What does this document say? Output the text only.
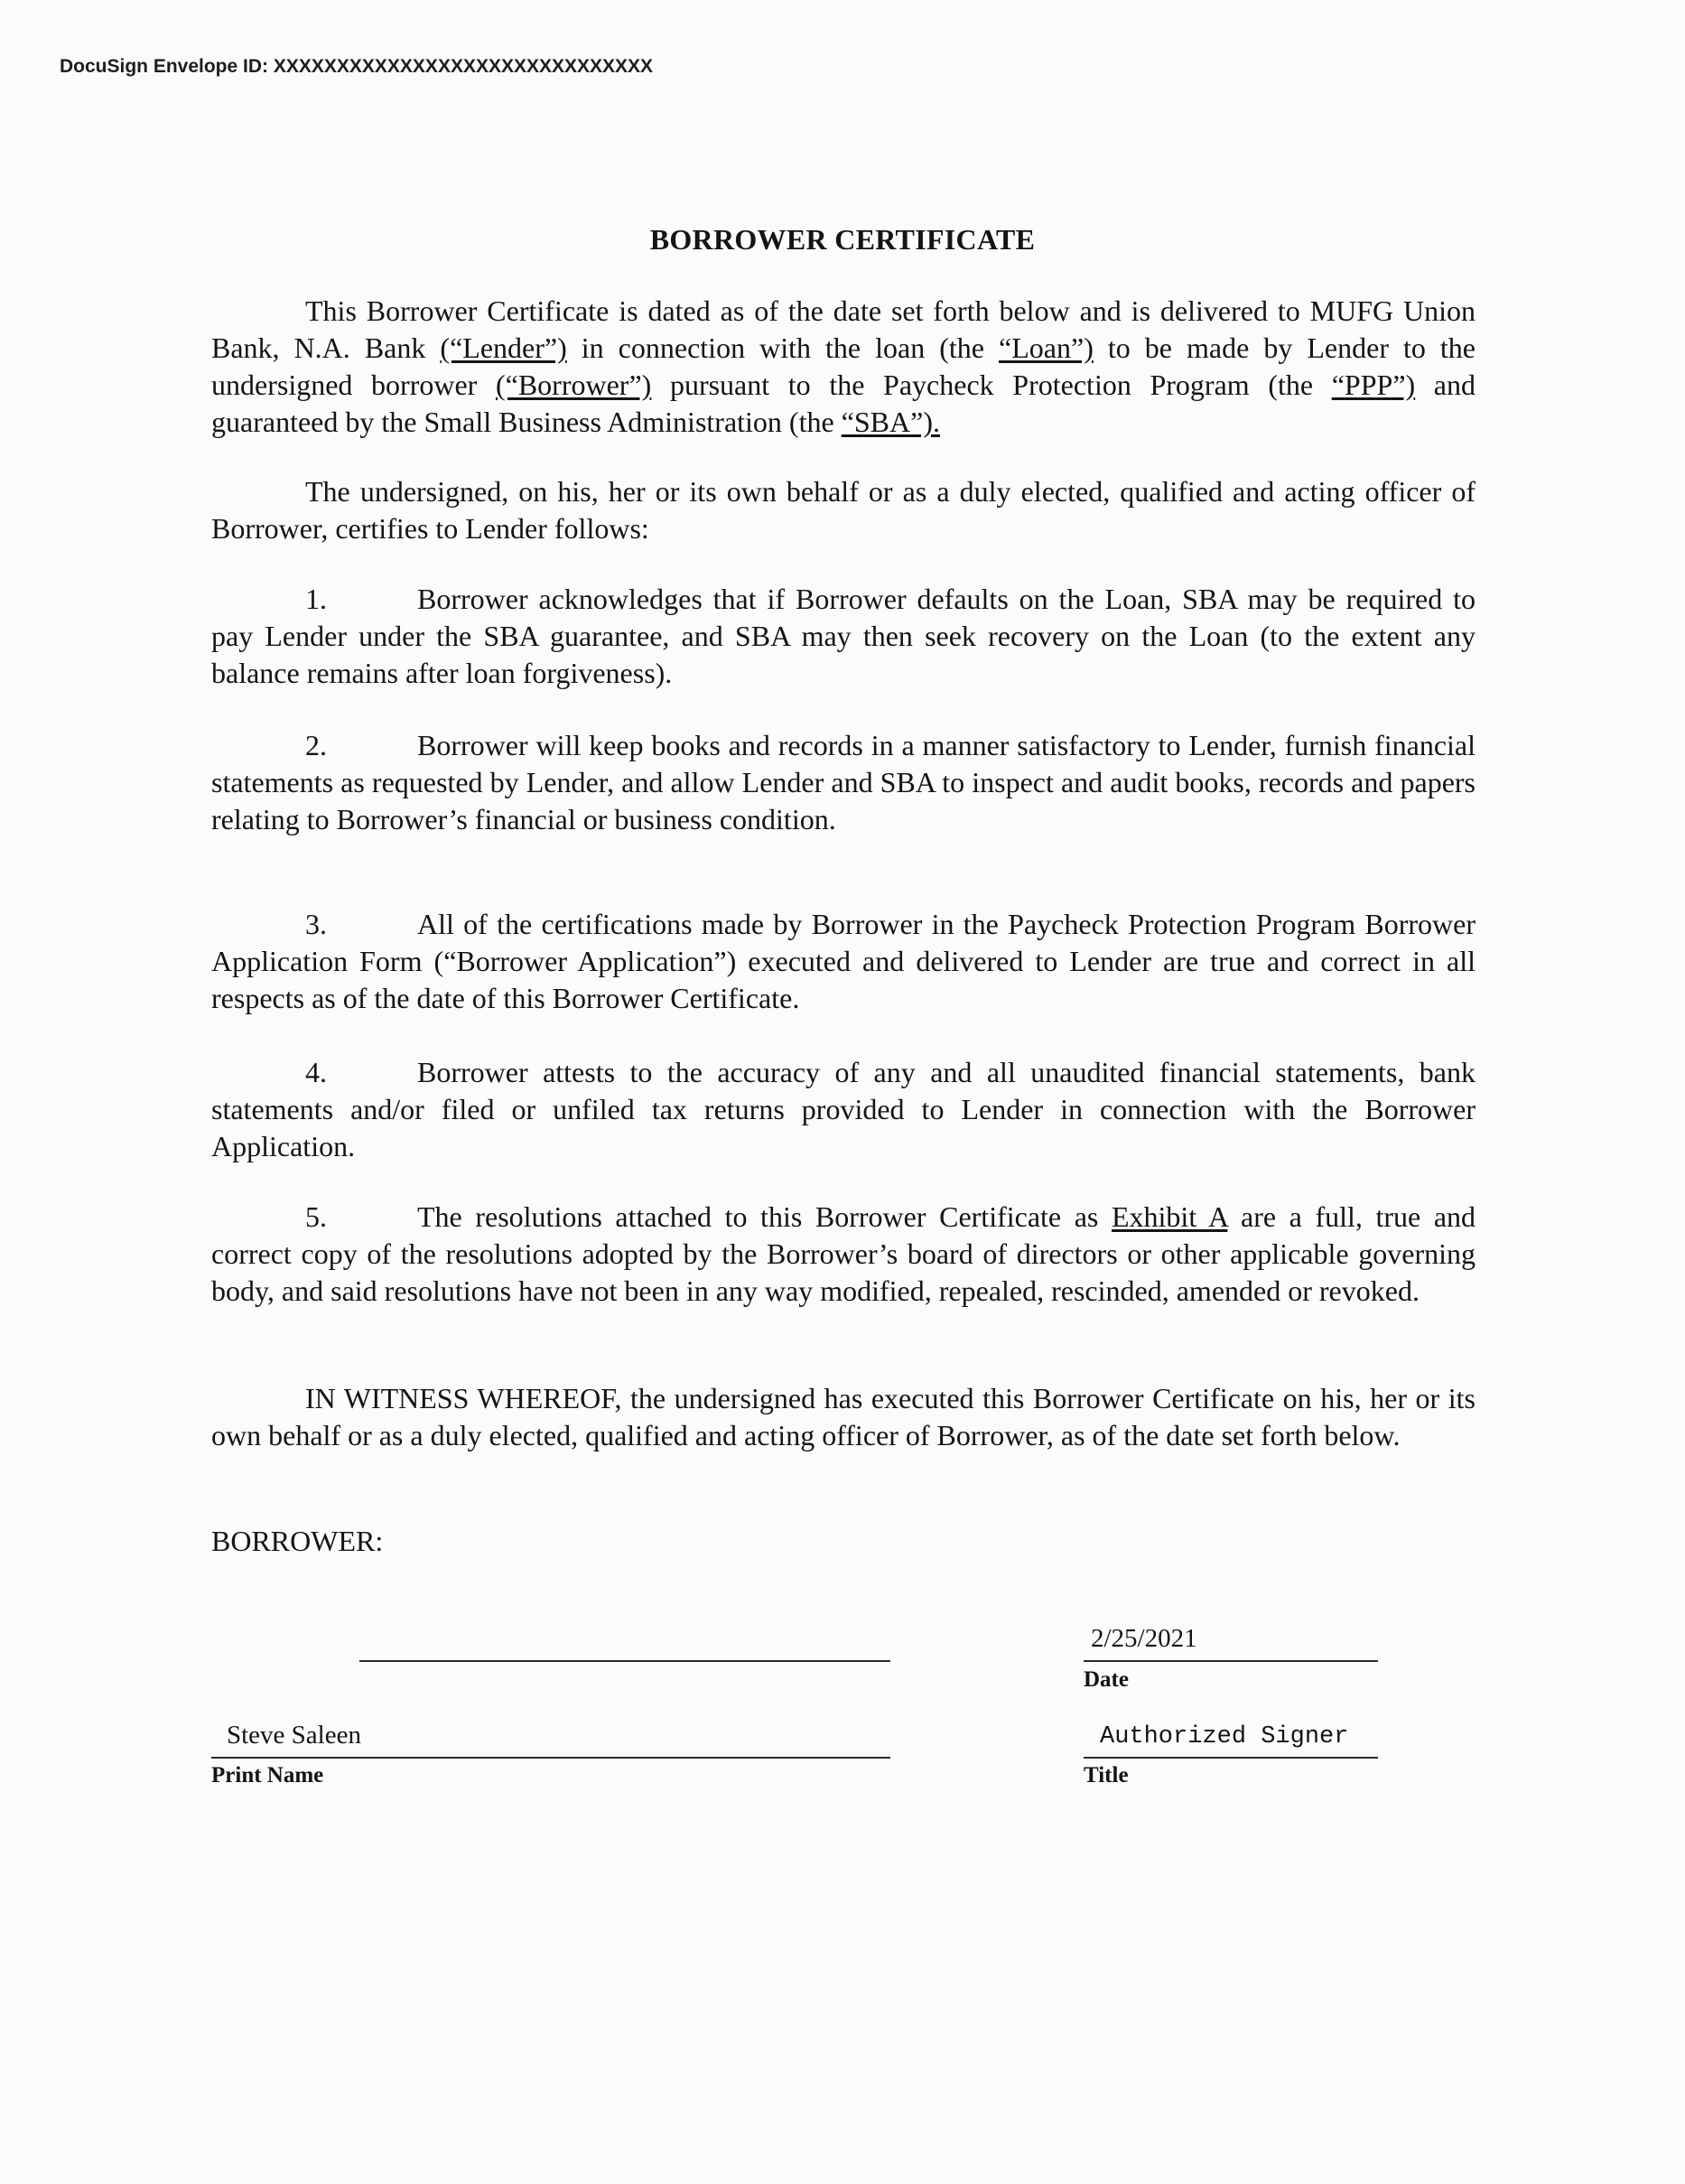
DocuSign Envelope ID: XXXXXXXXXXXXXXXXXXXXXXXXXXXXXX
BORROWER CERTIFICATE

This Borrower Certificate is dated as of the date set forth below and is delivered to MUFG Union Bank, N.A. Bank (“Lender”) in connection with the loan (the “Loan”) to be made by Lender to the undersigned borrower (“Borrower”) pursuant to the Paycheck Protection Program (the “PPP”) and guaranteed by the Small Business Administration (the “SBA”).

The undersigned, on his, her or its own behalf or as a duly elected, qualified and acting officer of Borrower, certifies to Lender follows:

1.	Borrower acknowledges that if Borrower defaults on the Loan, SBA may be required to pay Lender under the SBA guarantee, and SBA may then seek recovery on the Loan (to the extent any balance remains after loan forgiveness).

2.	Borrower will keep books and records in a manner satisfactory to Lender, furnish financial statements as requested by Lender, and allow Lender and SBA to inspect and audit books, records and papers relating to Borrower’s financial or business condition.

3.	All of the certifications made by Borrower in the Paycheck Protection Program Borrower Application Form (“Borrower Application”) executed and delivered to Lender are true and correct in all respects as of the date of this Borrower Certificate.

4.	Borrower attests to the accuracy of any and all unaudited financial statements, bank statements and/or filed or unfiled tax returns provided to Lender in connection with the Borrower Application.

5.	The resolutions attached to this Borrower Certificate as Exhibit A are a full, true and correct copy of the resolutions adopted by the Borrower’s board of directors or other applicable governing body, and said resolutions have not been in any way modified, repealed, rescinded, amended or revoked.

IN WITNESS WHEREOF, the undersigned has executed this Borrower Certificate on his, her or its own behalf or as a duly elected, qualified and acting officer of Borrower, as of the date set forth below.

BORROWER:
2/25/2021
Date
Steve Saleen
Print Name
Authorized Signer
Title
